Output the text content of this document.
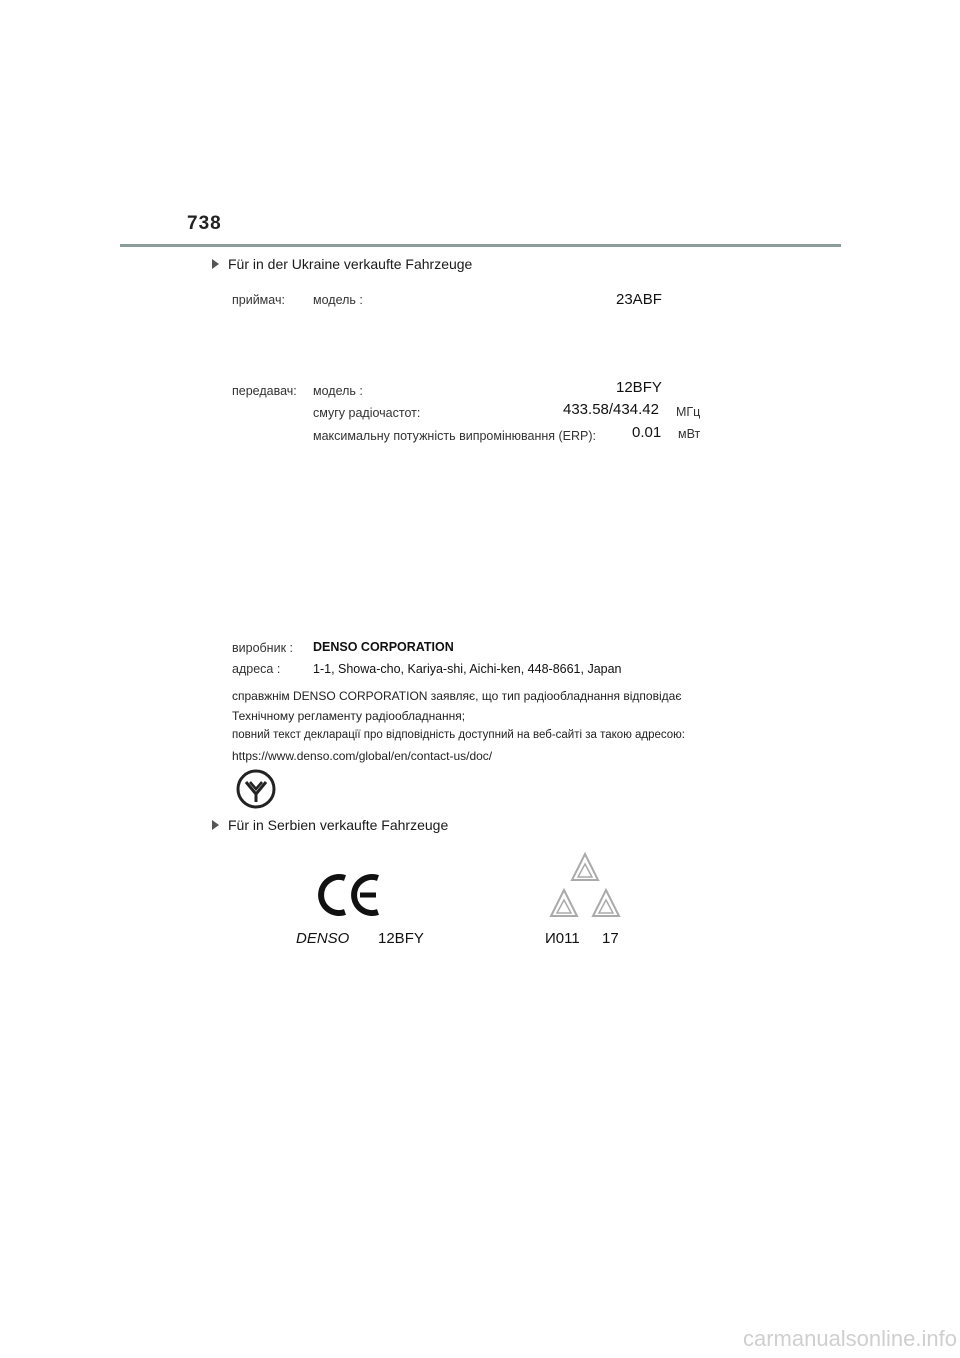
738
Für in der Ukraine verkaufte Fahrzeuge
приймач: модель :	23ABF
передавач: модель :	12BFY
смугу радіочастот:	433.58/434.42 МГц
максимальну потужність випромінювання (ERP): 0.01 мВт
виробник : DENSO CORPORATION
адреса :	1-1, Showa-cho, Kariya-shi, Aichi-ken, 448-8661, Japan
справжнім DENSO CORPORATION заявляє, що тип радіообладнання відповідає
Технічному регламенту радіообладнання;
повний текст декларації про відповідність доступний на веб-сайті за такою адресою:
https://www.denso.com/global/en/contact-us/doc/
Für in Serbien verkaufte Fahrzeuge
DENSO 12BFY	И011 17
carmanualsonline.info
